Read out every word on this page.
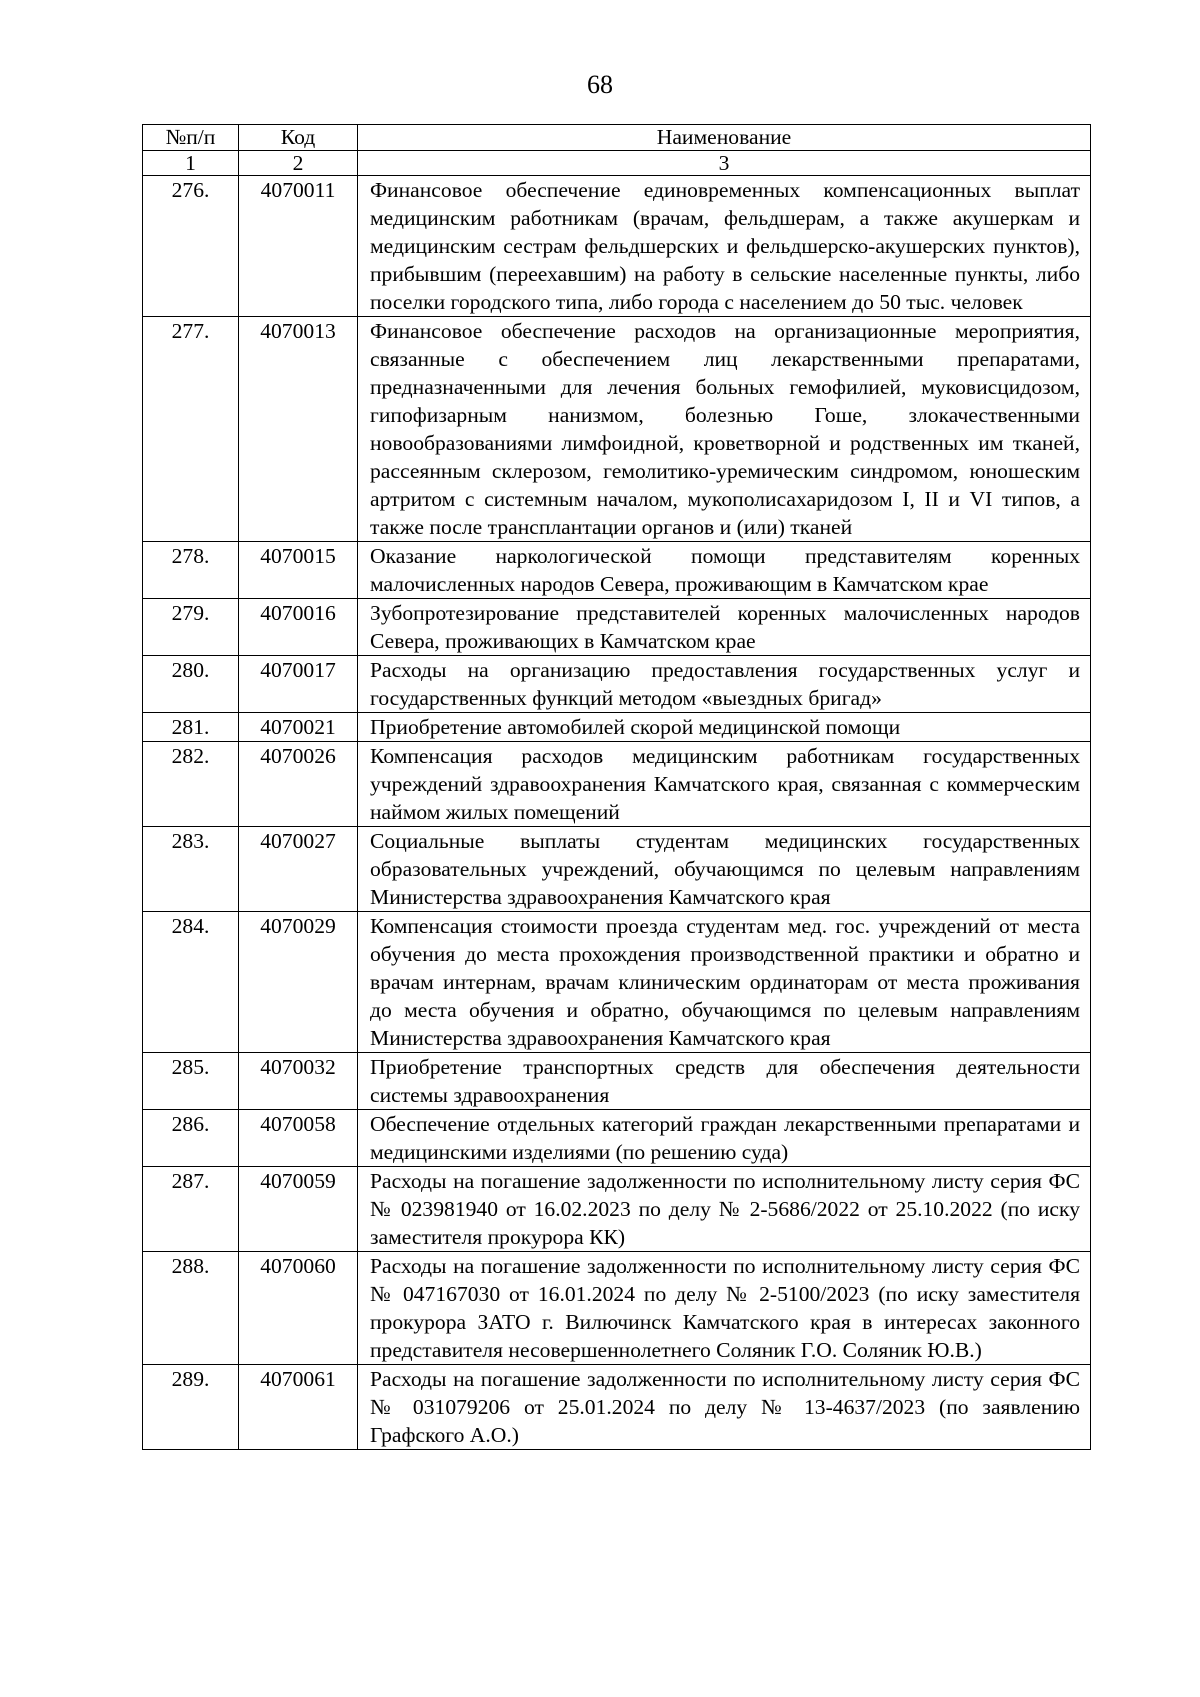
68
№п/п	Код	Наименование
1	2	3
276.	4070011	Финансовое обеспечение единовременных компенсационных выплат медицинским работникам (врачам, фельдшерам, а также акушеркам и медицинским сестрам фельдшерских и фельдшерско-акушерских пунктов), прибывшим (переехавшим) на работу в сельские населенные пункты, либо поселки городского типа, либо города с населением до 50 тыс. человек
277.	4070013	Финансовое обеспечение расходов на организационные мероприятия, связанные с обеспечением лиц лекарственными препаратами, предназначенными для лечения больных гемофилией, муковисцидозом, гипофизарным нанизмом, болезнью Гоше, злокачественными новообразованиями лимфоидной, кроветворной и родственных им тканей, рассеянным склерозом, гемолитико-уремическим синдромом, юношеским артритом с системным началом, мукополисахаридозом I, II и VI типов, а также после трансплантации органов и (или) тканей
278.	4070015	Оказание наркологической помощи представителям коренных малочисленных народов Севера, проживающим в Камчатском крае
279.	4070016	Зубопротезирование представителей коренных малочисленных народов Севера, проживающих в Камчатском крае
280.	4070017	Расходы на организацию предоставления государственных услуг и государственных функций методом «выездных бригад»
281.	4070021	Приобретение автомобилей скорой медицинской помощи
282.	4070026	Компенсация расходов медицинским работникам государственных учреждений здравоохранения Камчатского края, связанная с коммерческим наймом жилых помещений
283.	4070027	Социальные выплаты студентам медицинских государственных образовательных учреждений, обучающимся по целевым направлениям Министерства здравоохранения Камчатского края
284.	4070029	Компенсация стоимости проезда студентам мед. гос. учреждений от места обучения до места прохождения производственной практики и обратно и врачам интернам, врачам клиническим ординаторам от места проживания до места обучения и обратно, обучающимся по целевым направлениям Министерства здравоохранения Камчатского края
285.	4070032	Приобретение транспортных средств для обеспечения деятельности системы здравоохранения
286.	4070058	Обеспечение отдельных категорий граждан лекарственными препаратами и медицинскими изделиями (по решению суда)
287.	4070059	Расходы на погашение задолженности по исполнительному листу серия ФС № 023981940 от 16.02.2023 по делу № 2-5686/2022 от 25.10.2022 (по иску заместителя прокурора КК)
288.	4070060	Расходы на погашение задолженности по исполнительному листу серия ФС № 047167030 от 16.01.2024 по делу № 2-5100/2023 (по иску заместителя прокурора ЗАТО г. Вилючинск Камчатского края в интересах законного представителя несовершеннолетнего Соляник Г.О. Соляник Ю.В.)
289.	4070061	Расходы на погашение задолженности по исполнительному листу серия ФС № 031079206 от 25.01.2024 по делу № 13-4637/2023 (по заявлению Графского А.О.)
